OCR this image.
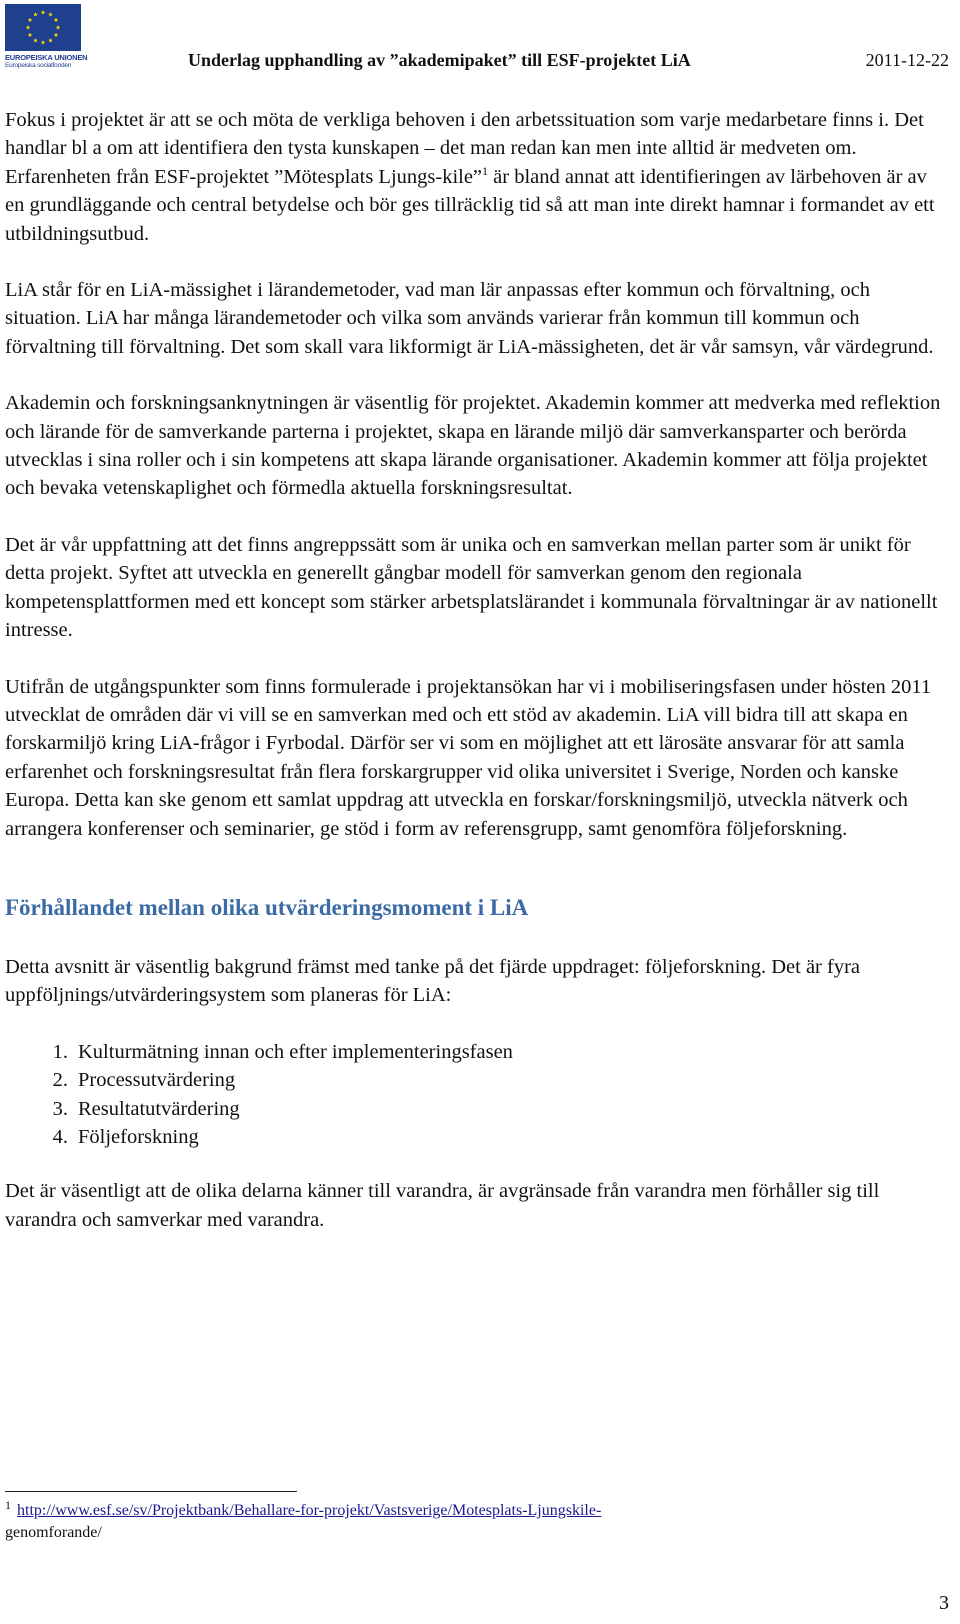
EUROPEISKA UNIONEN
Europeiska socialfonden	Underlag upphandling av ”akademipaket” till ESF-projektet LiA	2011-12-22

Fokus i projektet är att se och möta de verkliga behoven i den arbetssituation som varje medarbetare finns i. Det handlar bl a om att identifiera den tysta kunskapen – det man redan kan men inte alltid är medveten om. Erfarenheten från ESF-projektet ”Mötesplats Ljungs-kile”$^1$ är bland annat att identifieringen av lärbehoven är av en grundläggande och central betydelse och bör ges tillräcklig tid så att man inte direkt hamnar i formandet av ett utbildningsutbud.

LiA står för en LiA-mässighet i lärandemetoder, vad man lär anpassas efter kommun och förvaltning, och situation. LiA har många lärandemetoder och vilka som används varierar från kommun till kommun och förvaltning till förvaltning. Det som skall vara likformigt är LiA-mässigheten, det är vår samsyn, vår värdegrund.

Akademin och forskningsanknytningen är väsentlig för projektet. Akademin kommer att medverka med reflektion och lärande för de samverkande parterna i projektet, skapa en lärande miljö där samverkansparter och berörda utvecklas i sina roller och i sin kompetens att skapa lärande organisationer. Akademin kommer att följa projektet och bevaka vetenskaplighet och förmedla aktuella forskningsresultat.

Det är vår uppfattning att det finns angreppssätt som är unika och en samverkan mellan parter som är unikt för detta projekt. Syftet att utveckla en generellt gångbar modell för samverkan genom den regionala kompetensplattformen med ett koncept som stärker arbetsplatslärandet i kommunala förvaltningar är av nationellt intresse.

Utifrån de utgångspunkter som finns formulerade i projektansökan har vi i mobiliseringsfasen under hösten 2011 utvecklat de områden där vi vill se en samverkan med och ett stöd av akademin. LiA vill bidra till att skapa en forskarmiljö kring LiA-frågor i Fyrbodal. Därför ser vi som en möjlighet att ett lärosäte ansvarar för att samla erfarenhet och forskningsresultat från flera forskargrupper vid olika universitet i Sverige, Norden och kanske Europa. Detta kan ske genom ett samlat uppdrag att utveckla en forskar/forskningsmiljö, utveckla nätverk och arrangera konferenser och seminarier, ge stöd i form av referensgrupp, samt genomföra följeforskning.

Förhållandet mellan olika utvärderingsmoment i LiA

Detta avsnitt är väsentlig bakgrund främst med tanke på det fjärde uppdraget: följeforskning. Det är fyra uppföljnings/utvärderingsystem som planeras för LiA:

1. Kulturmätning innan och efter implementeringsfasen
2. Processutvärdering
3. Resultatutvärdering
4. Följeforskning

Det är väsentligt att de olika delarna känner till varandra, är avgränsade från varandra men förhåller sig till varandra och samverkar med varandra.

$^1$ http://www.esf.se/sv/Projektbank/Behallare-for-projekt/Vastsverige/Motesplats-Ljungskile-
genomforande/
3
